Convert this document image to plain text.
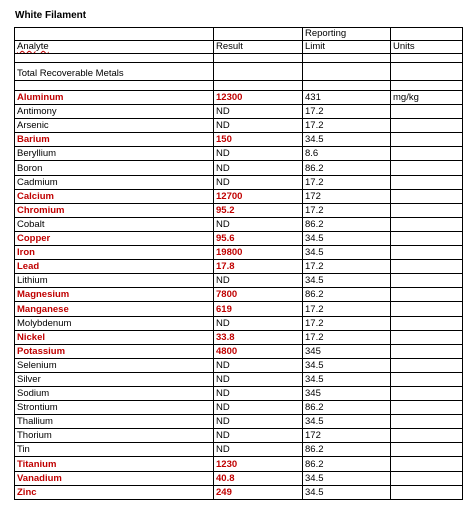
White Filament
		Reporting	
Analyte	Result	Limit	Units

Total Recoverable Metals			

Aluminum	12300	431	mg/kg
Antimony	ND	17.2	
Arsenic	ND	17.2	
Barium	150	34.5	
Beryllium	ND	8.6	
Boron	ND	86.2	
Cadmium	ND	17.2	
Calcium	12700	172	
Chromium	95.2	17.2	
Cobalt	ND	86.2	
Copper	95.6	34.5	
Iron	19800	34.5	
Lead	17.8	17.2	
Lithium	ND	34.5	
Magnesium	7800	86.2	
Manganese	619	17.2	
Molybdenum	ND	17.2	
Nickel	33.8	17.2	
Potassium	4800	345	
Selenium	ND	34.5	
Silver	ND	34.5	
Sodium	ND	345	
Strontium	ND	86.2	
Thallium	ND	34.5	
Thorium	ND	172	
Tin	ND	86.2	
Titanium	1230	86.2	
Vanadium	40.8	34.5	
Zinc	249	34.5	
